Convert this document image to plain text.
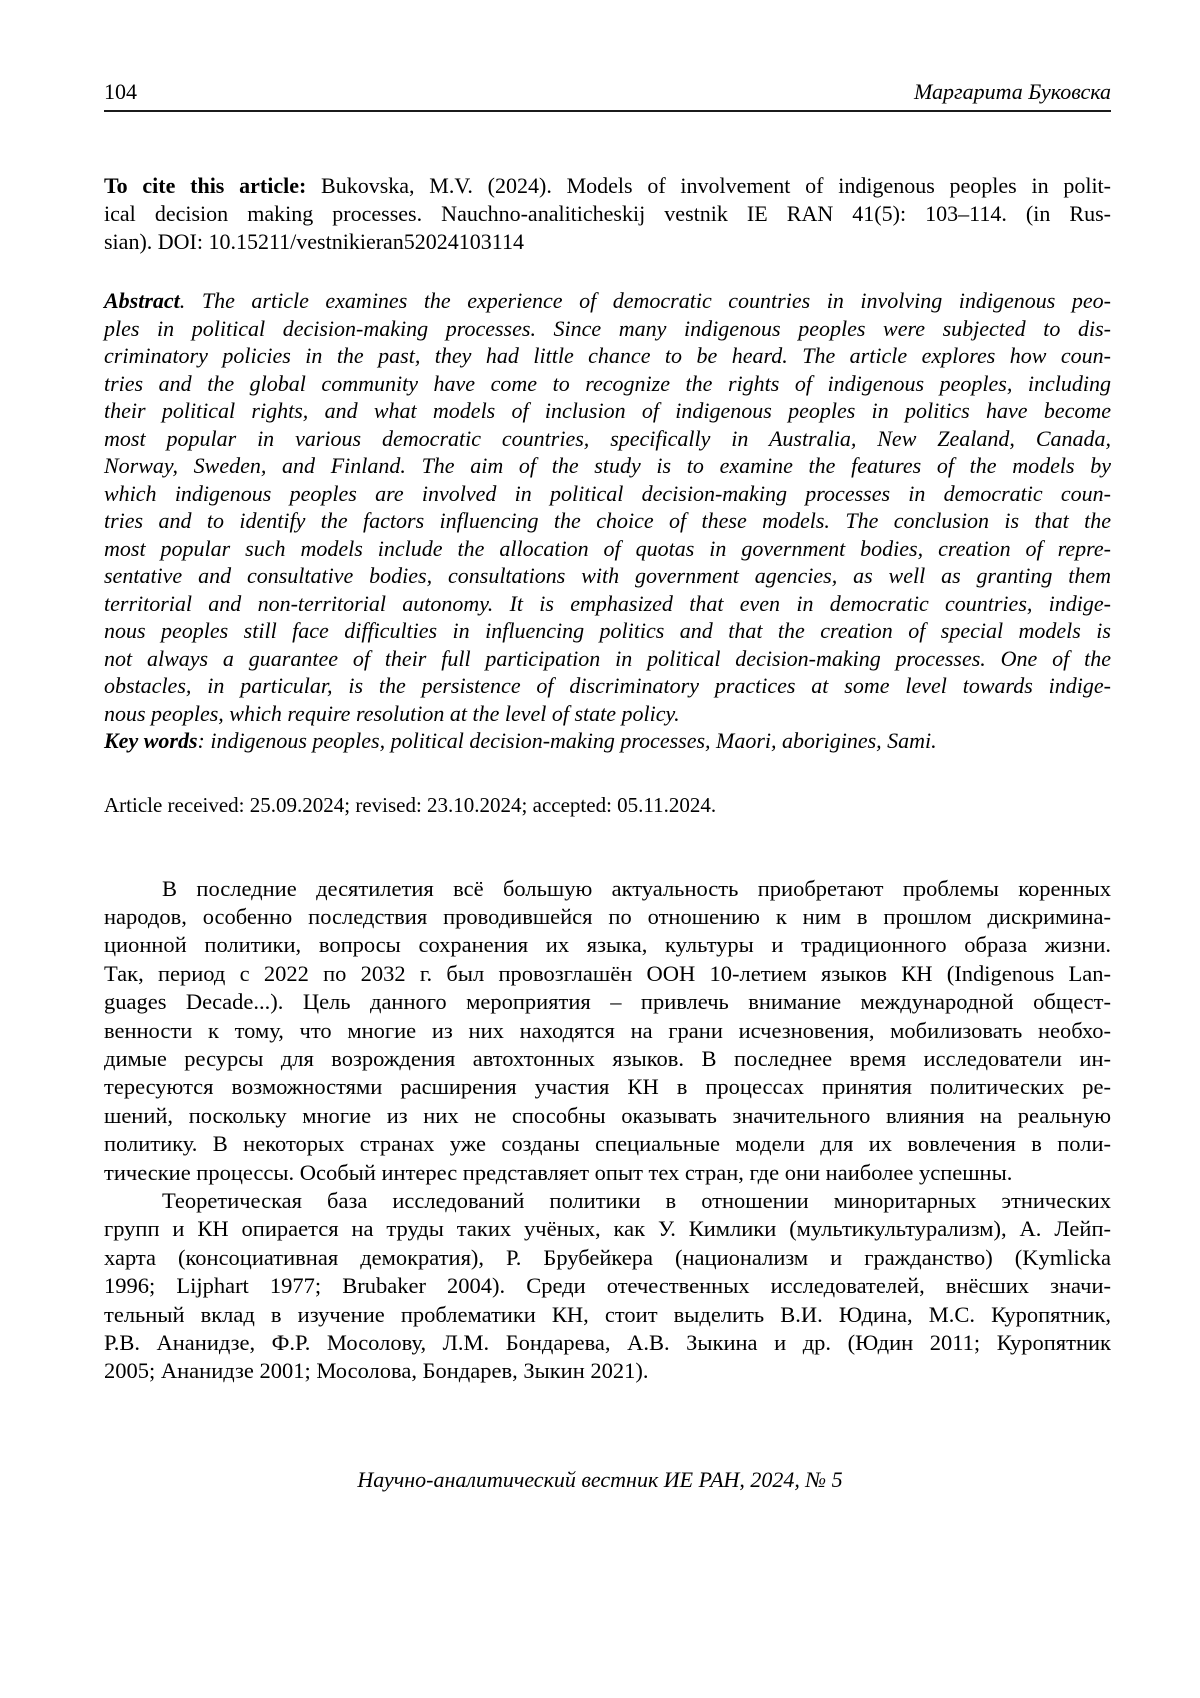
104	Маргарита Буковска
To cite this article: Bukovska, M.V. (2024). Models of involvement of indigenous peoples in polit-
ical decision making processes. Nauchno-analiticheskij vestnik IE RAN 41(5): 103–114. (in Rus-
sian). DOI: 10.15211/vestnikieran52024103114
Abstract. The article examines the experience of democratic countries in involving indigenous peo-
ples in political decision-making processes. Since many indigenous peoples were subjected to dis-
criminatory policies in the past, they had little chance to be heard. The article explores how coun-
tries and the global community have come to recognize the rights of indigenous peoples, including
their political rights, and what models of inclusion of indigenous peoples in politics have become
most popular in various democratic countries, specifically in Australia, New Zealand, Canada,
Norway, Sweden, and Finland. The aim of the study is to examine the features of the models by
which indigenous peoples are involved in political decision-making processes in democratic coun-
tries and to identify the factors influencing the choice of these models. The conclusion is that the
most popular such models include the allocation of quotas in government bodies, creation of repre-
sentative and consultative bodies, consultations with government agencies, as well as granting them
territorial and non-territorial autonomy. It is emphasized that even in democratic countries, indige-
nous peoples still face difficulties in influencing politics and that the creation of special models is
not always a guarantee of their full participation in political decision-making processes. One of the
obstacles, in particular, is the persistence of discriminatory practices at some level towards indige-
nous peoples, which require resolution at the level of state policy.
Key words: indigenous peoples, political decision-making processes, Maori, aborigines, Sami.
Article received: 25.09.2024; revised: 23.10.2024; accepted: 05.11.2024.
В последние десятилетия всё большую актуальность приобретают проблемы коренных
народов, особенно последствия проводившейся по отношению к ним в прошлом дискримина-
ционной политики, вопросы сохранения их языка, культуры и традиционного образа жизни.
Так, период с 2022 по 2032 г. был провозглашён ООН 10-летием языков КН (Indigenous Lan-
guages Decade...). Цель данного мероприятия – привлечь внимание международной общест-
венности к тому, что многие из них находятся на грани исчезновения, мобилизовать необхо-
димые ресурсы для возрождения автохтонных языков. В последнее время исследователи ин-
тересуются возможностями расширения участия КН в процессах принятия политических ре-
шений, поскольку многие из них не способны оказывать значительного влияния на реальную
политику. В некоторых странах уже созданы специальные модели для их вовлечения в поли-
тические процессы. Особый интерес представляет опыт тех стран, где они наиболее успешны.
Теоретическая база исследований политики в отношении миноритарных этнических
групп и КН опирается на труды таких учёных, как У. Кимлики (мультикультурализм), А. Лейп-
харта (консоциативная демократия), Р. Брубейкера (национализм и гражданство) (Kymlicka
1996; Lijphart 1977; Brubaker 2004). Среди отечественных исследователей, внёсших значи-
тельный вклад в изучение проблематики КН, стоит выделить В.И. Юдина, М.С. Куропятник,
Р.В. Ананидзе, Ф.Р. Мосолову, Л.М. Бондарева, А.В. Зыкина и др. (Юдин 2011; Куропятник
2005; Ананидзе 2001; Мосолова, Бондарев, Зыкин 2021).
Научно-аналитический вестник ИЕ РАН, 2024, № 5
